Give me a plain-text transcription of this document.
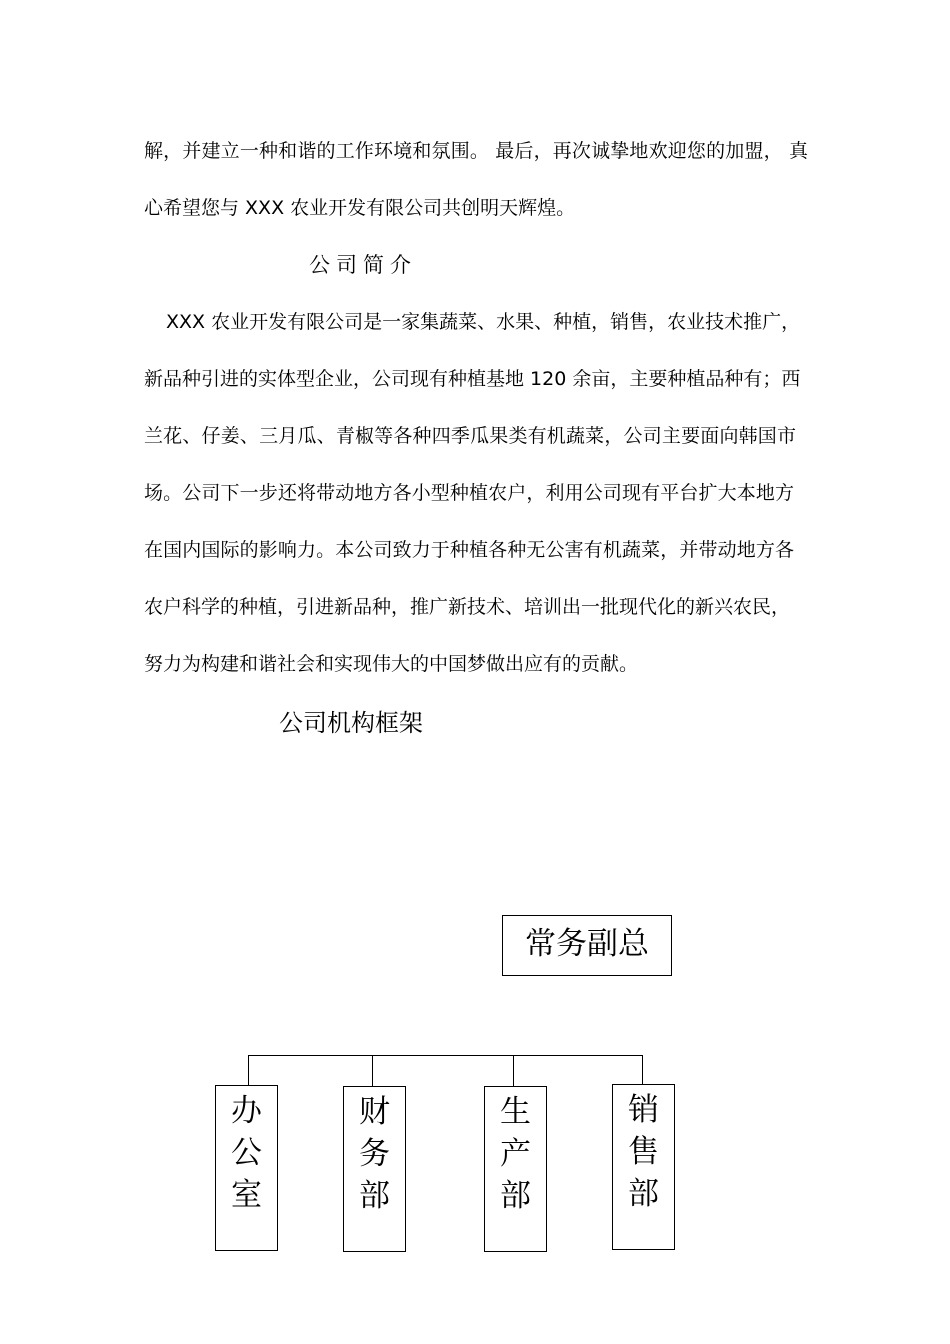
解，并建立一种和谐的工作环境和氛围。 最后，再次诚挚地欢迎您的加盟， 真
心希望您与 XXX 农业开发有限公司共创明天辉煌。
公司简介
XXX 农业开发有限公司是一家集蔬菜、水果、种植，销售，农业技术推广，
新品种引进的实体型企业，公司现有种植基地 120 余亩，主要种植品种有；西
兰花、仔姜、三月瓜、青椒等各种四季瓜果类有机蔬菜，公司主要面向韩国市
场。公司下一步还将带动地方各小型种植农户，利用公司现有平台扩大本地方
在国内国际的影响力。本公司致力于种植各种无公害有机蔬菜，并带动地方各
农户科学的种植，引进新品种，推广新技术、培训出一批现代化的新兴农民，
努力为构建和谐社会和实现伟大的中国梦做出应有的贡献。
公司机构框架
常务副总
办
公
室
财
务
部
生
产
部
销
售
部
